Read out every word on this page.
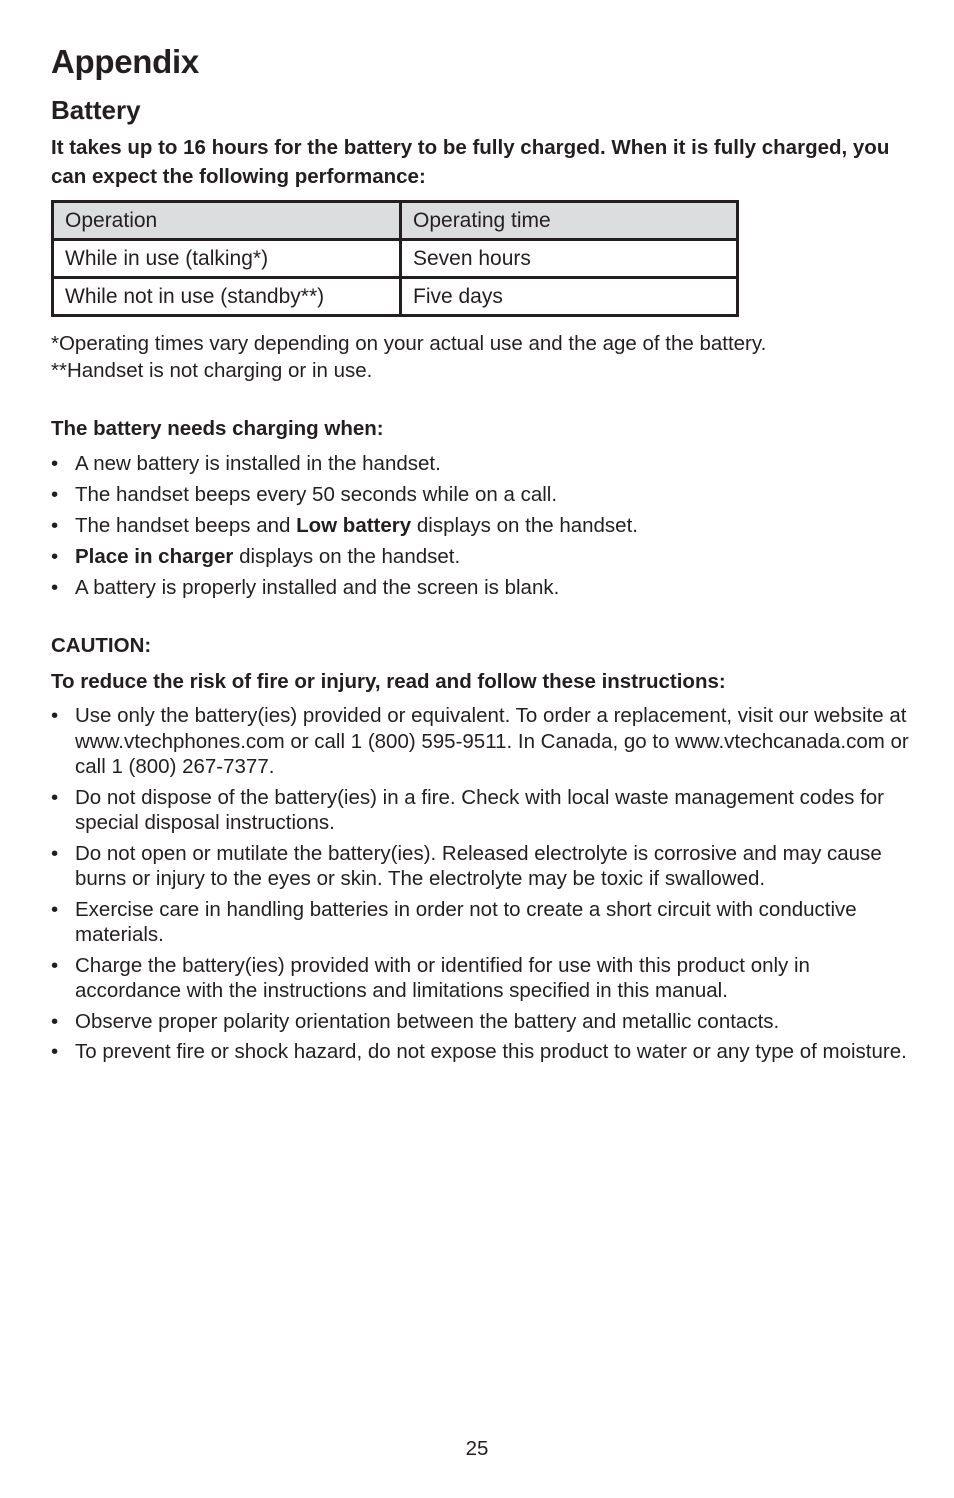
Appendix
Battery

It takes up to 16 hours for the battery to be fully charged. When it is fully charged, you can expect the following performance:

Operation	Operating time
While in use (talking*)	Seven hours
While not in use (standby**)	Five days

*Operating times vary depending on your actual use and the age of the battery.

**Handset is not charging or in use.

The battery needs charging when:

• A new battery is installed in the handset.
• The handset beeps every 50 seconds while on a call.
• The handset beeps and Low battery displays on the handset.
• Place in charger displays on the handset.
• A battery is properly installed and the screen is blank.

CAUTION:

To reduce the risk of fire or injury, read and follow these instructions:

• Use only the battery(ies) provided or equivalent. To order a replacement, visit our website at www.vtechphones.com or call 1 (800) 595-9511. In Canada, go to www.vtechcanada.com or call 1 (800) 267-7377.
• Do not dispose of the battery(ies) in a fire. Check with local waste management codes for special disposal instructions.
• Do not open or mutilate the battery(ies). Released electrolyte is corrosive and may cause burns or injury to the eyes or skin. The electrolyte may be toxic if swallowed.
• Exercise care in handling batteries in order not to create a short circuit with conductive materials.
• Charge the battery(ies) provided with or identified for use with this product only in accordance with the instructions and limitations specified in this manual.
• Observe proper polarity orientation between the battery and metallic contacts.
• To prevent fire or shock hazard, do not expose this product to water or any type of moisture.
25
